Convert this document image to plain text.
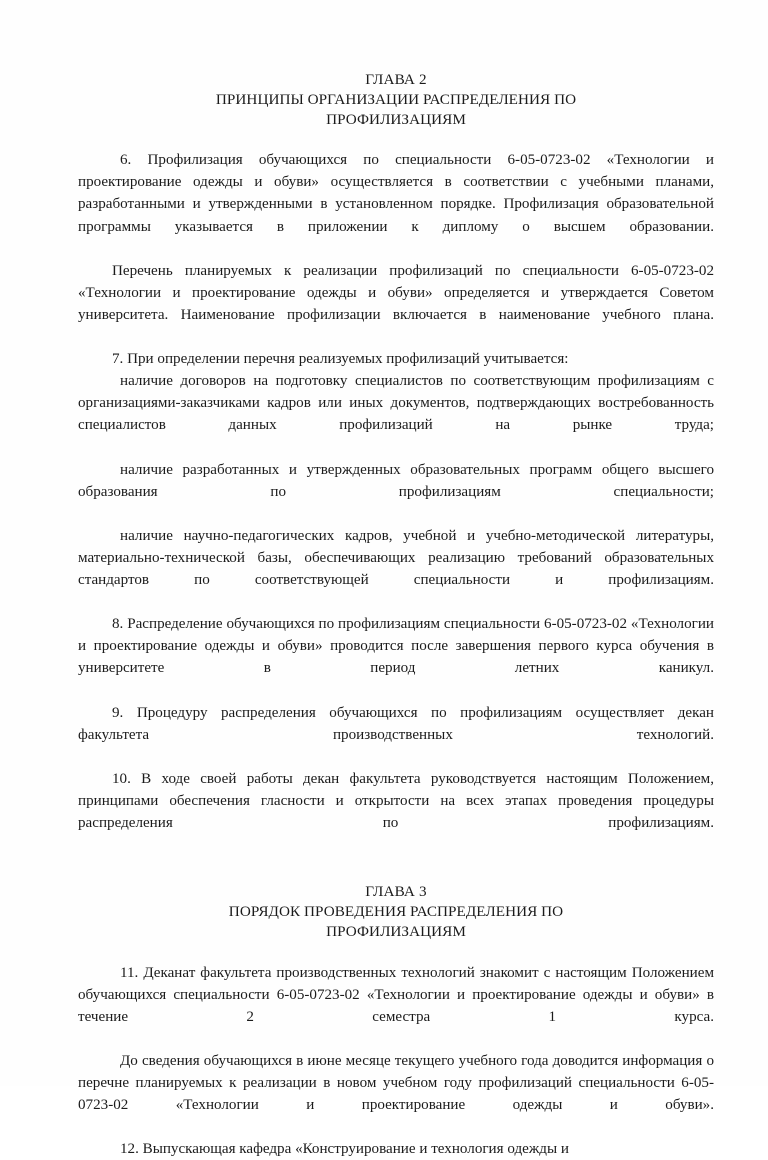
ГЛАВА 2
ПРИНЦИПЫ ОРГАНИЗАЦИИ РАСПРЕДЕЛЕНИЯ ПО
ПРОФИЛИЗАЦИЯМ

6. Профилизация обучающихся по специальности 6-05-0723-02 «Технологии и проектирование одежды и обуви» осуществляется в соответствии с учебными планами, разработанными и утвержденными в установленном порядке. Профилизация образовательной программы указывается в приложении к диплому о высшем образовании.

Перечень планируемых к реализации профилизаций по специальности 6-05-0723-02 «Технологии и проектирование одежды и обуви» определяется и утверждается Советом университета. Наименование профилизации включается в наименование учебного плана.

7. При определении перечня реализуемых профилизаций учитывается:

наличие договоров на подготовку специалистов по соответствующим профилизациям с организациями-заказчиками кадров или иных документов, подтверждающих востребованность специалистов данных профилизаций на рынке труда;

наличие разработанных и утвержденных образовательных программ общего высшего образования по профилизациям специальности;

наличие научно-педагогических кадров, учебной и учебно-методической литературы, материально-технической базы, обеспечивающих реализацию требований образовательных стандартов по соответствующей специальности и профилизациям.

8. Распределение обучающихся по профилизациям специальности 6-05-0723-02 «Технологии и проектирование одежды и обуви» проводится после завершения первого курса обучения в университете в период летних каникул.

9. Процедуру распределения обучающихся по профилизациям осуществляет декан факультета производственных технологий.

10. В ходе своей работы декан факультета руководствуется настоящим Положением, принципами обеспечения гласности и открытости на всех этапах проведения процедуры распределения по профилизациям.

ГЛАВА 3
ПОРЯДОК ПРОВЕДЕНИЯ РАСПРЕДЕЛЕНИЯ ПО
ПРОФИЛИЗАЦИЯМ

11. Деканат факультета производственных технологий знакомит с настоящим Положением обучающихся специальности 6-05-0723-02 «Технологии и проектирование одежды и обуви» в течение 2 семестра 1 курса.

До сведения обучающихся в июне месяце текущего учебного года доводится информация о перечне планируемых к реализации в новом учебном году профилизаций специальности 6-05-0723-02 «Технологии и проектирование одежды и обуви».

12. Выпускающая кафедра «Конструирование и технология одежды и
